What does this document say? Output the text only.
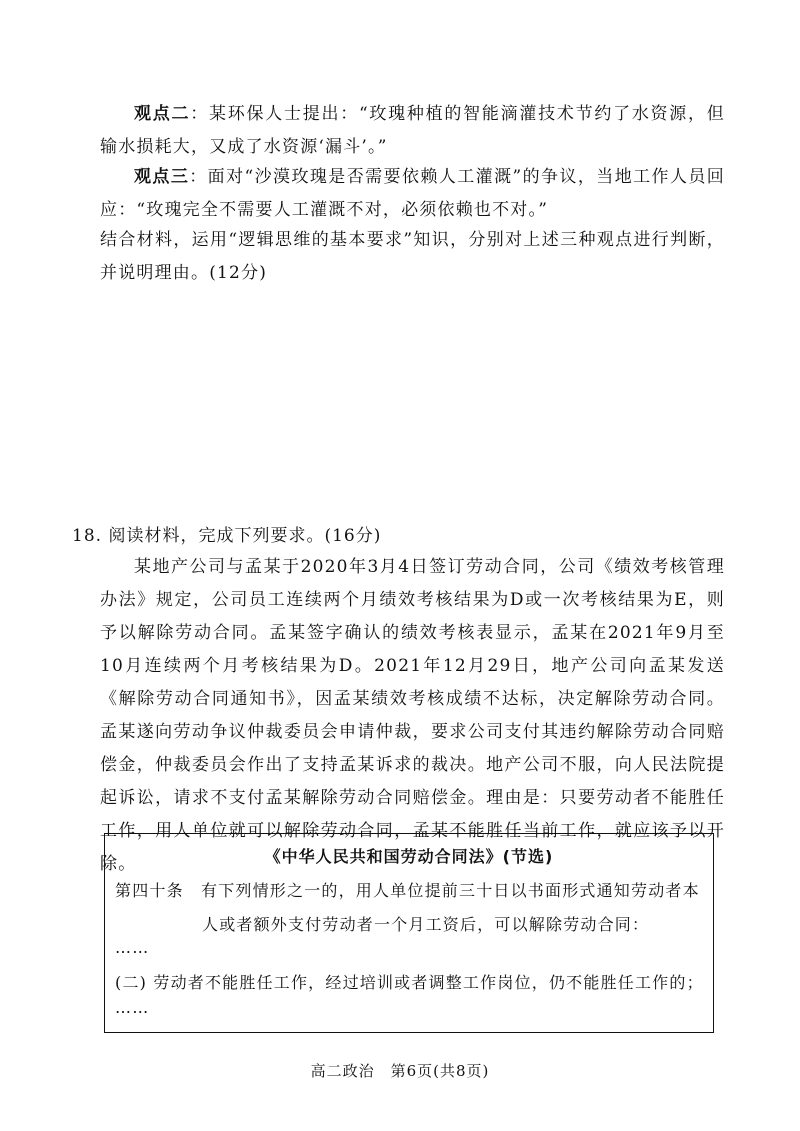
观点二：某环保人士提出：“玫瑰种植的智能滴灌技术节约了水资源，但输水损耗大，又成了水资源‘漏斗’。”

观点三：面对“沙漠玫瑰是否需要依赖人工灌溉”的争议，当地工作人员回应：“玫瑰完全不需要人工灌溉不对，必须依赖也不对。”

结合材料，运用“逻辑思维的基本要求”知识，分别对上述三种观点进行判断，并说明理由。(12分)

18. 阅读材料，完成下列要求。(16分)

某地产公司与孟某于2020年3月4日签订劳动合同，公司《绩效考核管理办法》规定，公司员工连续两个月绩效考核结果为D或一次考核结果为E，则予以解除劳动合同。孟某签字确认的绩效考核表显示，孟某在2021年9月至10月连续两个月考核结果为D。2021年12月29日，地产公司向孟某发送《解除劳动合同通知书》，因孟某绩效考核成绩不达标，决定解除劳动合同。孟某遂向劳动争议仲裁委员会申请仲裁，要求公司支付其违约解除劳动合同赔偿金，仲裁委员会作出了支持孟某诉求的裁决。地产公司不服，向人民法院提起诉讼，请求不支付孟某解除劳动合同赔偿金。理由是：只要劳动者不能胜任工作，用人单位就可以解除劳动合同，孟某不能胜任当前工作，就应该予以开除。	《中华人民共和国劳动合同法》(节选)
第四十条　有下列情形之一的，用人单位提前三十日以书面形式通知劳动者本
人或者额外支付劳动者一个月工资后，可以解除劳动合同：
……
(二) 劳动者不能胜任工作，经过培训或者调整工作岗位，仍不能胜任工作的；
……
高二政治　第6页(共8页)
